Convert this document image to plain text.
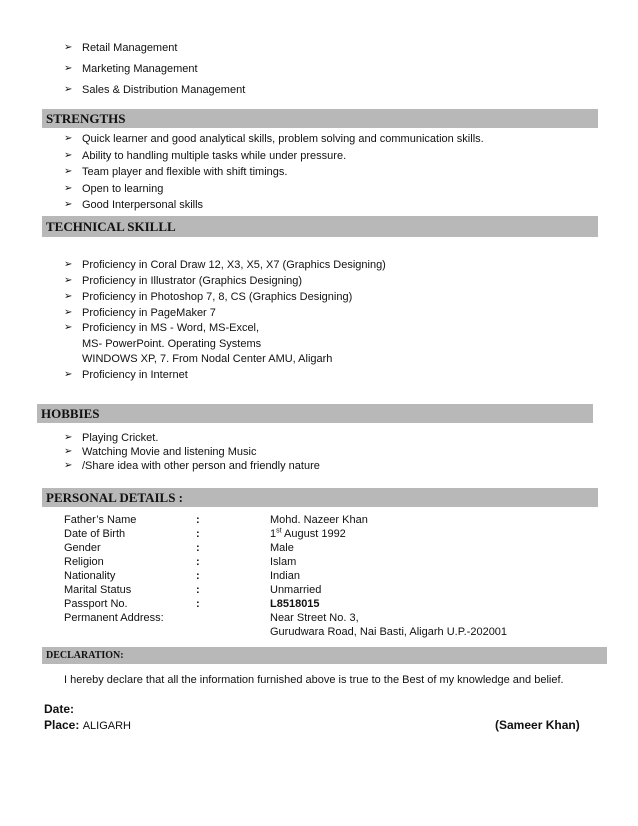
➢ Retail Management
➢ Marketing Management
➢ Sales & Distribution Management
STRENGTHS
➢ Quick learner and good analytical skills, problem solving and communication skills.
➢ Ability to handling multiple tasks while under pressure.
➢ Team player and flexible with shift timings.
➢ Open to learning
➢ Good Interpersonal skills
TECHNICAL SKILLL
➢ Proficiency in Coral Draw 12, X3, X5, X7 (Graphics Designing)
➢ Proficiency in Illustrator (Graphics Designing)
➢ Proficiency in Photoshop 7, 8, CS (Graphics Designing)
➢ Proficiency in PageMaker 7
➢ Proficiency in MS - Word, MS-Excel,
MS- PowerPoint. Operating Systems
WINDOWS XP, 7. From Nodal Center AMU, Aligarh
➢ Proficiency in Internet
HOBBIES
➢ Playing Cricket.
➢ Watching Movie and listening Music
➢ /Share idea with other person and friendly nature
PERSONAL DETAILS :
Father’s Name	:	Mohd. Nazeer Khan
Date of Birth	:	1st August 1992
Gender	:	Male
Religion	:	Islam
Nationality	:	Indian
Marital Status	:	Unmarried
Passport No.	:	L8518015
Permanent Address:	Near Street No. 3,
Gurudwara Road, Nai Basti, Aligarh U.P.-202001
DECLARATION:
I hereby declare that all the information furnished above is true to the Best of my knowledge and belief.
Date:
Place: ALIGARH	(Sameer Khan)
